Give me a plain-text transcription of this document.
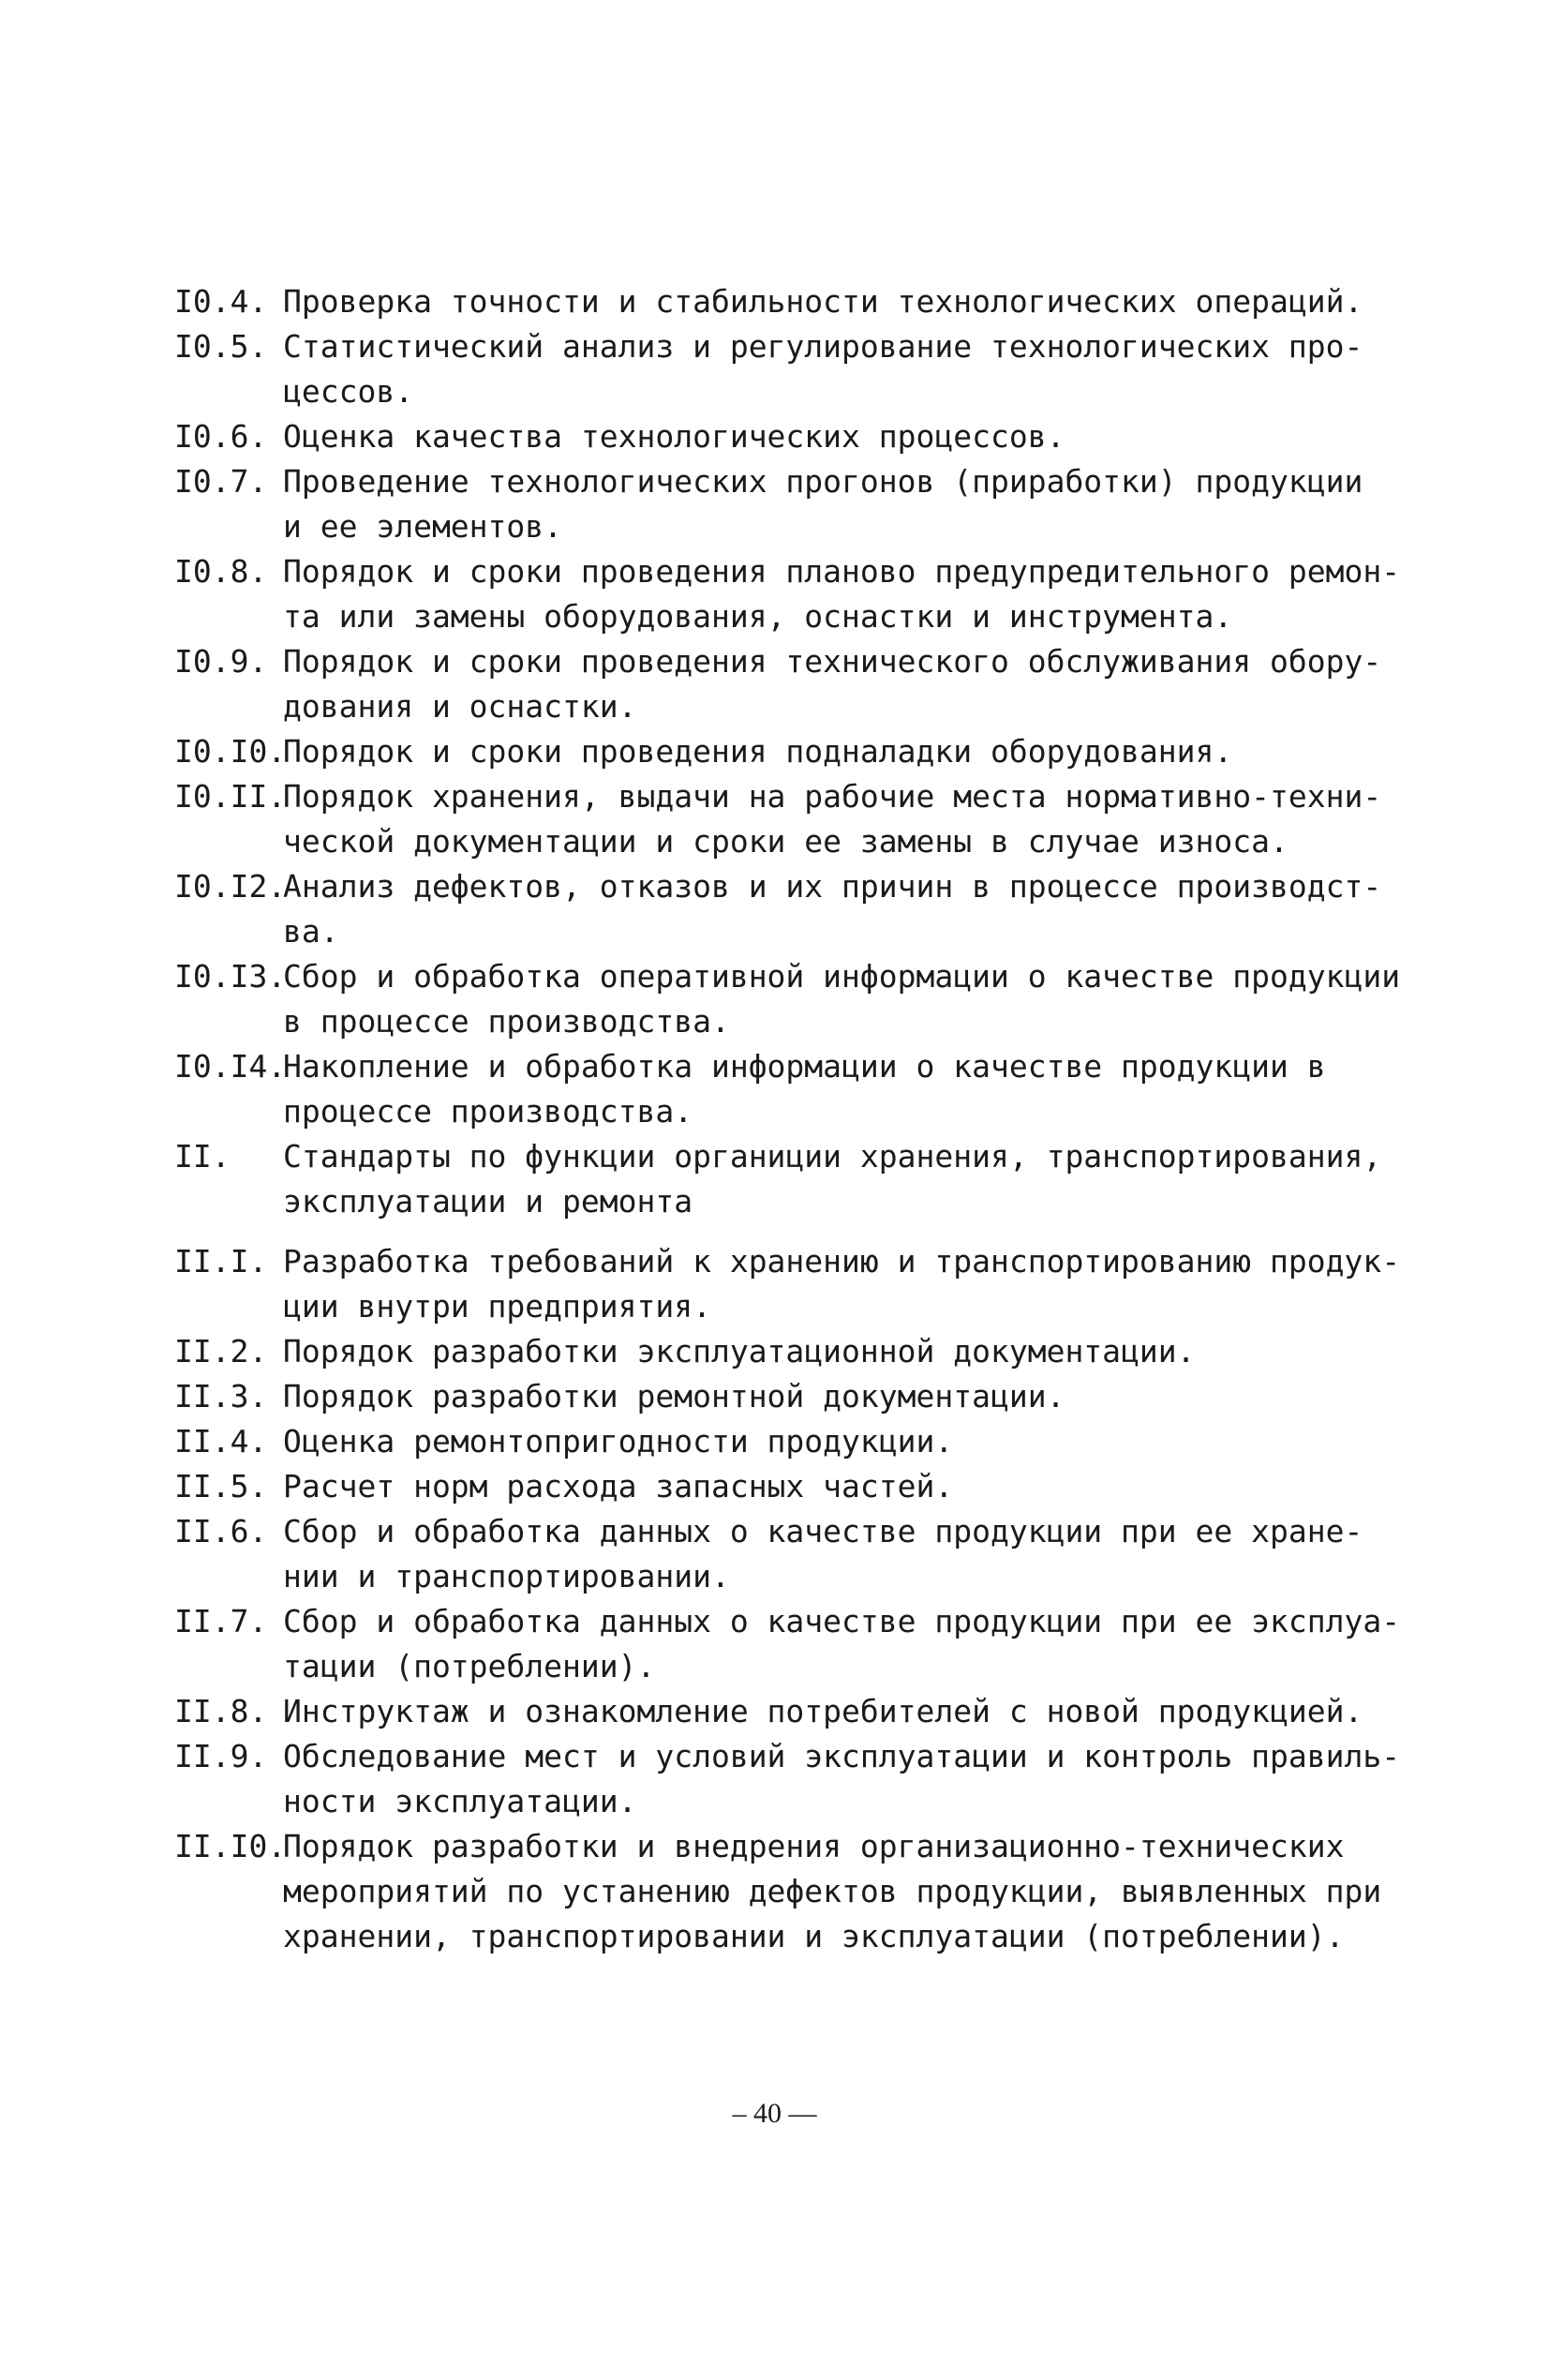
I0.4. Проверка точности и стабильности технологических операций.
I0.5. Статистический анализ и регулирование технологических про-
цессов.
I0.6. Оценка качества технологических процессов.
I0.7. Проведение технологических прогонов (приработки) продукции
и ее элементов.
I0.8. Порядок и сроки проведения планово предупредительного ремон-
та или замены оборудования, оснастки и инструмента.
I0.9. Порядок и сроки проведения технического обслуживания обору-
дования и оснастки.
I0.I0.
Порядок и сроки проведения подналадки оборудования.
I0.II.
Порядок хранения, выдачи на рабочие места нормативно-техни-
ческой документации и сроки ее замены в случае износа.
I0.I2.
Анализ дефектов, отказов и их причин в процессе производст-
ва.
I0.I3.
Сбор и обработка оперативной информации о качестве продукции
в процессе производства.
I0.I4.
Накопление и обработка информации о качестве продукции в
процессе производства.
II. Стандарты по функции органиции хранения, транспортирования,
эксплуатации и ремонта
II.I. Разработка требований к хранению и транспортированию продук-
ции внутри предприятия.
II.2. Порядок разработки эксплуатационной документации.
II.3. Порядок разработки ремонтной документации.
II.4. Оценка ремонтопригодности продукции.
II.5. Расчет норм расхода запасных частей.
II.6. Сбор и обработка данных о качестве продукции при ее хране-
нии и транспортировании.
II.7. Сбор и обработка данных о качестве продукции при ее эксплуа-
тации (потреблении).
II.8. Инструктаж и ознакомление потребителей с новой продукцией.
II.9. Обследование мест и условий эксплуатации и контроль правиль-
ности эксплуатации.
II.I0.
Порядок разработки и внедрения организационно-технических
мероприятий по устанению дефектов продукции, выявленных при
хранении, транспортировании и эксплуатации (потреблении).
– 40 —
